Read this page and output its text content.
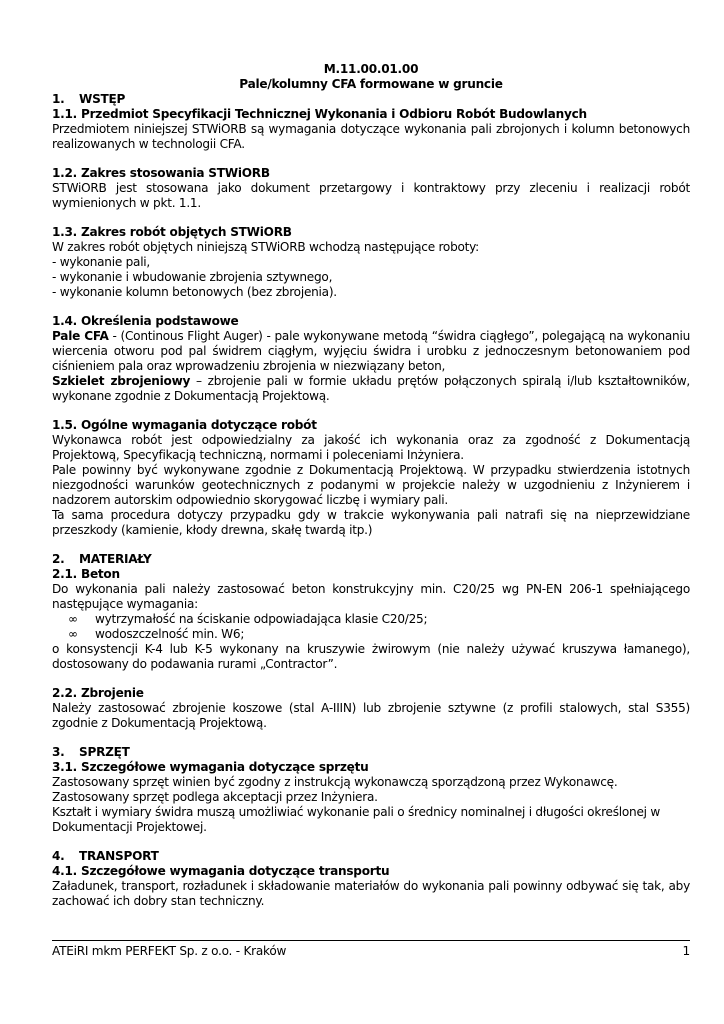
M.11.00.01.00

Pale/kolumny CFA formowane w gruncie

1.	WSTĘP

1.1. Przedmiot Specyfikacji Technicznej Wykonania i Odbioru Robót Budowlanych

Przedmiotem niniejszej STWiORB są wymagania dotyczące wykonania pali zbrojonych i kolumn betonowych realizowanych w technologii CFA.

1.2. Zakres stosowania STWiORB

STWiORB jest stosowana jako dokument przetargowy i kontraktowy przy zleceniu i realizacji robót wymienionych w pkt. 1.1.

1.3. Zakres robót objętych STWiORB

W zakres robót objętych niniejszą STWiORB wchodzą następujące roboty:

- wykonanie pali,

- wykonanie i wbudowanie zbrojenia sztywnego,

- wykonanie kolumn betonowych (bez zbrojenia).

1.4. Określenia podstawowe

Pale CFA - (Continous Flight Auger) - pale wykonywane metodą “świdra ciągłego”, polegającą na wykonaniu wiercenia otworu pod pal świdrem ciągłym, wyjęciu świdra i urobku z jednoczesnym betonowaniem pod ciśnieniem pala oraz wprowadzeniu zbrojenia w niezwiązany beton,

Szkielet zbrojeniowy – zbrojenie pali w formie układu prętów połączonych spiralą i/lub kształtowników, wykonane zgodnie z Dokumentacją Projektową.

1.5. Ogólne wymagania dotyczące robót

Wykonawca robót jest odpowiedzialny za jakość ich wykonania oraz za zgodność z Dokumentacją Projektową, Specyfikacją techniczną, normami i poleceniami Inżyniera.

Pale powinny być wykonywane zgodnie z Dokumentacją Projektową. W przypadku stwierdzenia istotnych niezgodności warunków geotechnicznych z podanymi w projekcie należy w uzgodnieniu z Inżynierem i nadzorem autorskim odpowiednio skorygować liczbę i wymiary pali.

Ta sama procedura dotyczy przypadku gdy w trakcie wykonywania pali natrafi się na nieprzewidziane przeszkody (kamienie, kłody drewna, skałę twardą itp.)

2.	MATERIAŁY

2.1. Beton

Do wykonania pali należy zastosować beton konstrukcyjny min. C20/25 wg PN-EN 206-1 spełniającego następujące wymagania:

∞	wytrzymałość na ściskanie odpowiadająca klasie C20/25;
∞	wodoszczelność min. W6;

o konsystencji K-4 lub K-5 wykonany na kruszywie żwirowym (nie należy używać kruszywa łamanego), dostosowany do podawania rurami „Contractor”.

2.2. Zbrojenie

Należy zastosować zbrojenie koszowe (stal A-IIIN) lub zbrojenie sztywne (z profili stalowych, stal S355) zgodnie z Dokumentacją Projektową.

3.	SPRZĘT

3.1. Szczegółowe wymagania dotyczące sprzętu

Zastosowany sprzęt winien być zgodny z instrukcją wykonawczą sporządzoną przez Wykonawcę.

Zastosowany sprzęt podlega akceptacji przez Inżyniera.

Kształt i wymiary świdra muszą umożliwiać wykonanie pali o średnicy nominalnej i długości określonej w Dokumentacji Projektowej.

4.	TRANSPORT

4.1. Szczegółowe wymagania dotyczące transportu

Załadunek, transport, rozładunek i składowanie materiałów do wykonania pali powinny odbywać się tak, aby zachować ich dobry stan techniczny.

ATEiRI mkm PERFEKT Sp. z o.o. - Kraków	1
